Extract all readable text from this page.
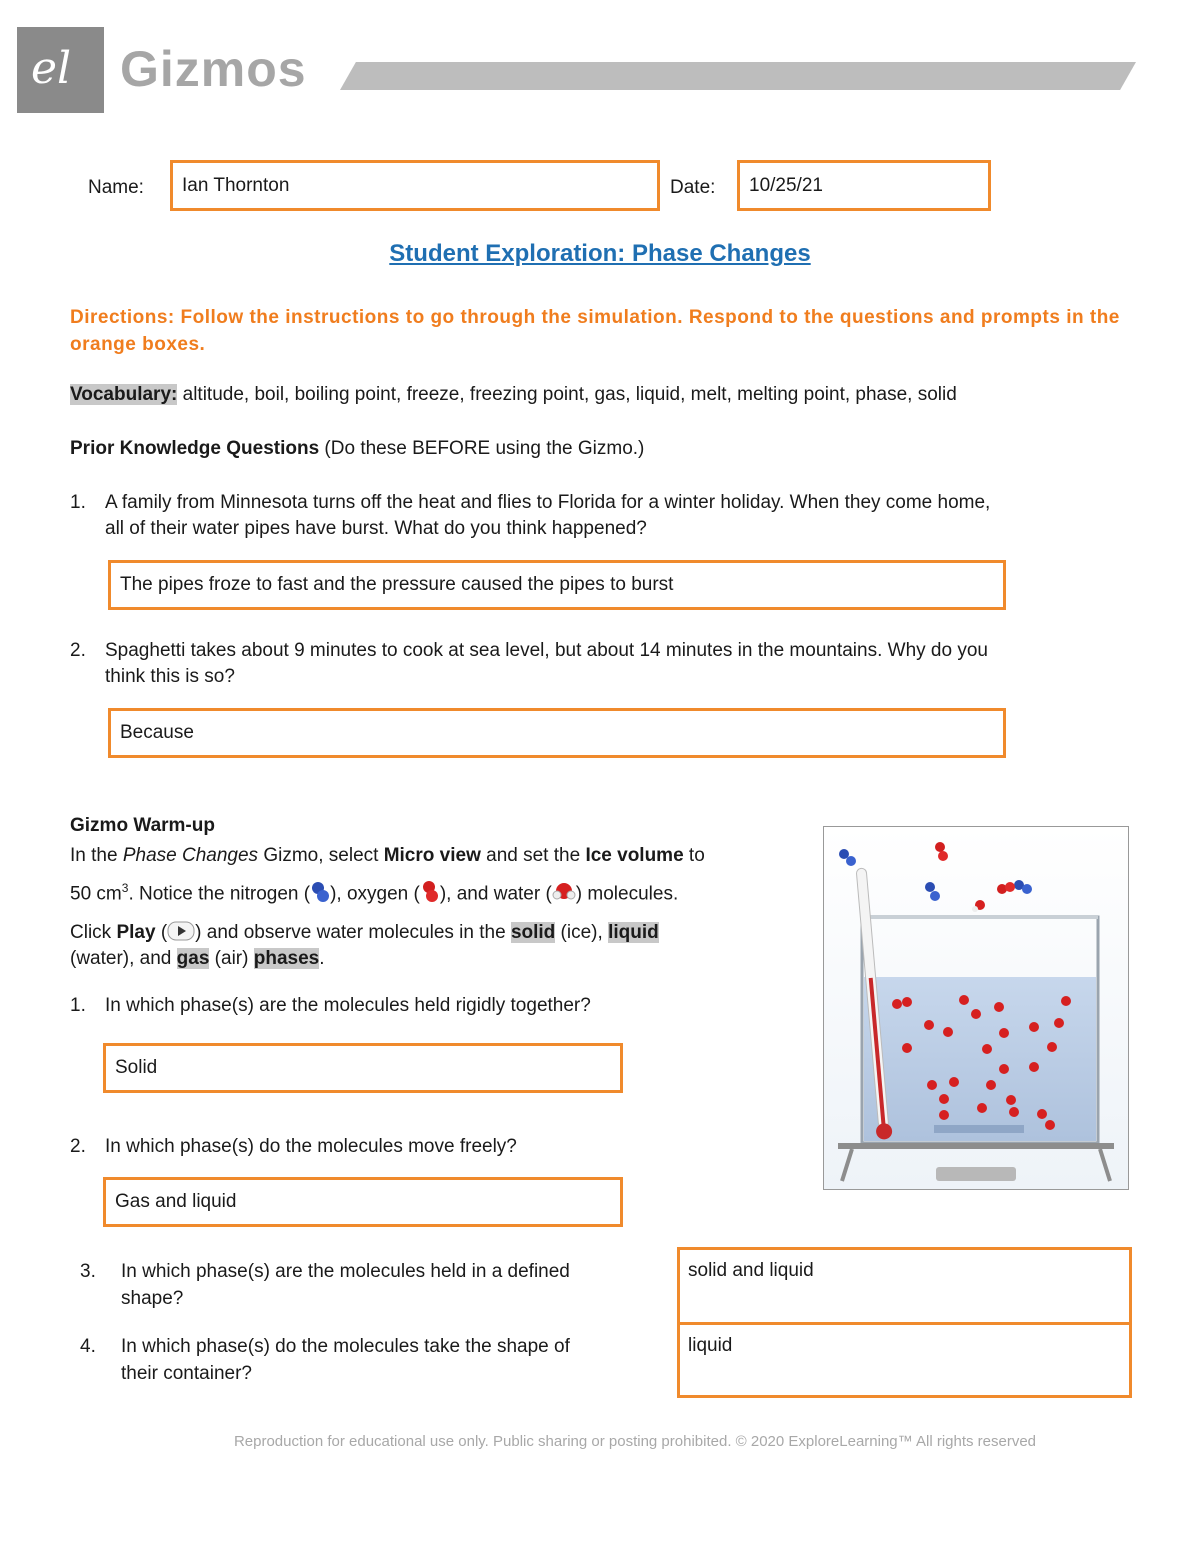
el Gizmos
Name:	Ian Thornton	Date:	10/25/21
Student Exploration: Phase Changes
Directions: Follow the instructions to go through the simulation. Respond to the questions and prompts in the orange boxes.
Vocabulary: altitude, boil, boiling point, freeze, freezing point, gas, liquid, melt, melting point, phase, solid
Prior Knowledge Questions (Do these BEFORE using the Gizmo.)
1. A family from Minnesota turns off the heat and flies to Florida for a winter holiday. When they come home,
all of their water pipes have burst. What do you think happened?
The pipes froze to fast and the pressure caused the pipes to burst
2. Spaghetti takes about 9 minutes to cook at sea level, but about 14 minutes in the mountains. Why do you
think this is so?
Because
Gizmo Warm-up
In the Phase Changes Gizmo, select Micro view and set the Ice volume to
50 $cm^3$. Notice the nitrogen ( ), oxygen ( ), and water ( ) molecules.
Click Play ( ) and observe water molecules in the solid (ice), liquid
(water), and gas (air) phases.
1. In which phase(s) are the molecules held rigidly together?
Solid
2. In which phase(s) do the molecules move freely?
Gas and liquid
3. In which phase(s) are the molecules held in a defined
shape?
4. In which phase(s) do the molecules take the shape of
their container?
solid and liquid
liquid
Reproduction for educational use only. Public sharing or posting prohibited. © 2020 ExploreLearning™ All rights reserved
